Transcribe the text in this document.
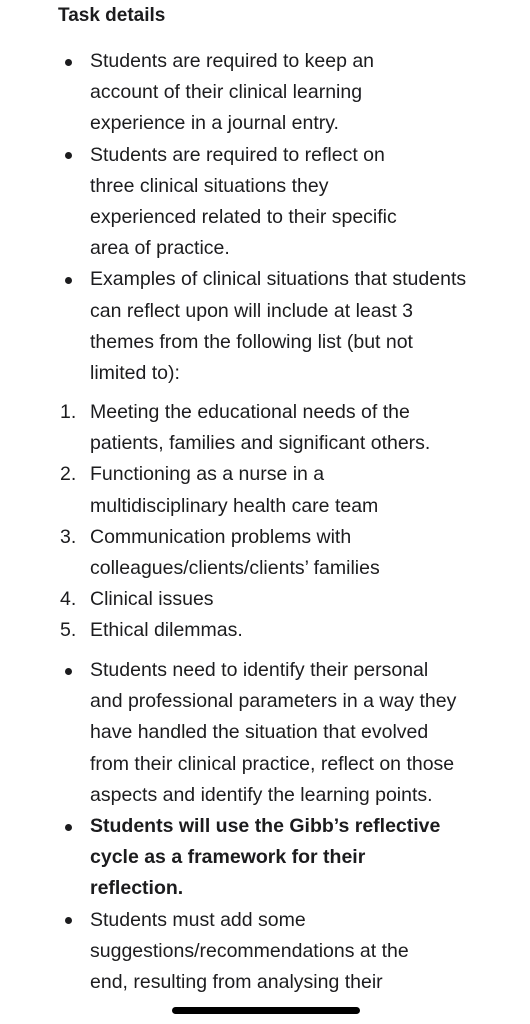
Task details
Students are required to keep an account of their clinical learning experience in a journal entry.
Students are required to reflect on three clinical situations they experienced related to their specific area of practice.
Examples of clinical situations that students can reflect upon will include at least 3 themes from the following list (but not limited to):
1. Meeting the educational needs of the patients, families and significant others.
2. Functioning as a nurse in a multidisciplinary health care team
3. Communication problems with colleagues/clients/clients’ families
4. Clinical issues
5. Ethical dilemmas.
Students need to identify their personal and professional parameters in a way they have handled the situation that evolved from their clinical practice, reflect on those aspects and identify the learning points.
Students will use the Gibb’s reflective cycle as a framework for their reflection.
Students must add some suggestions/recommendations at the end, resulting from analysing their
